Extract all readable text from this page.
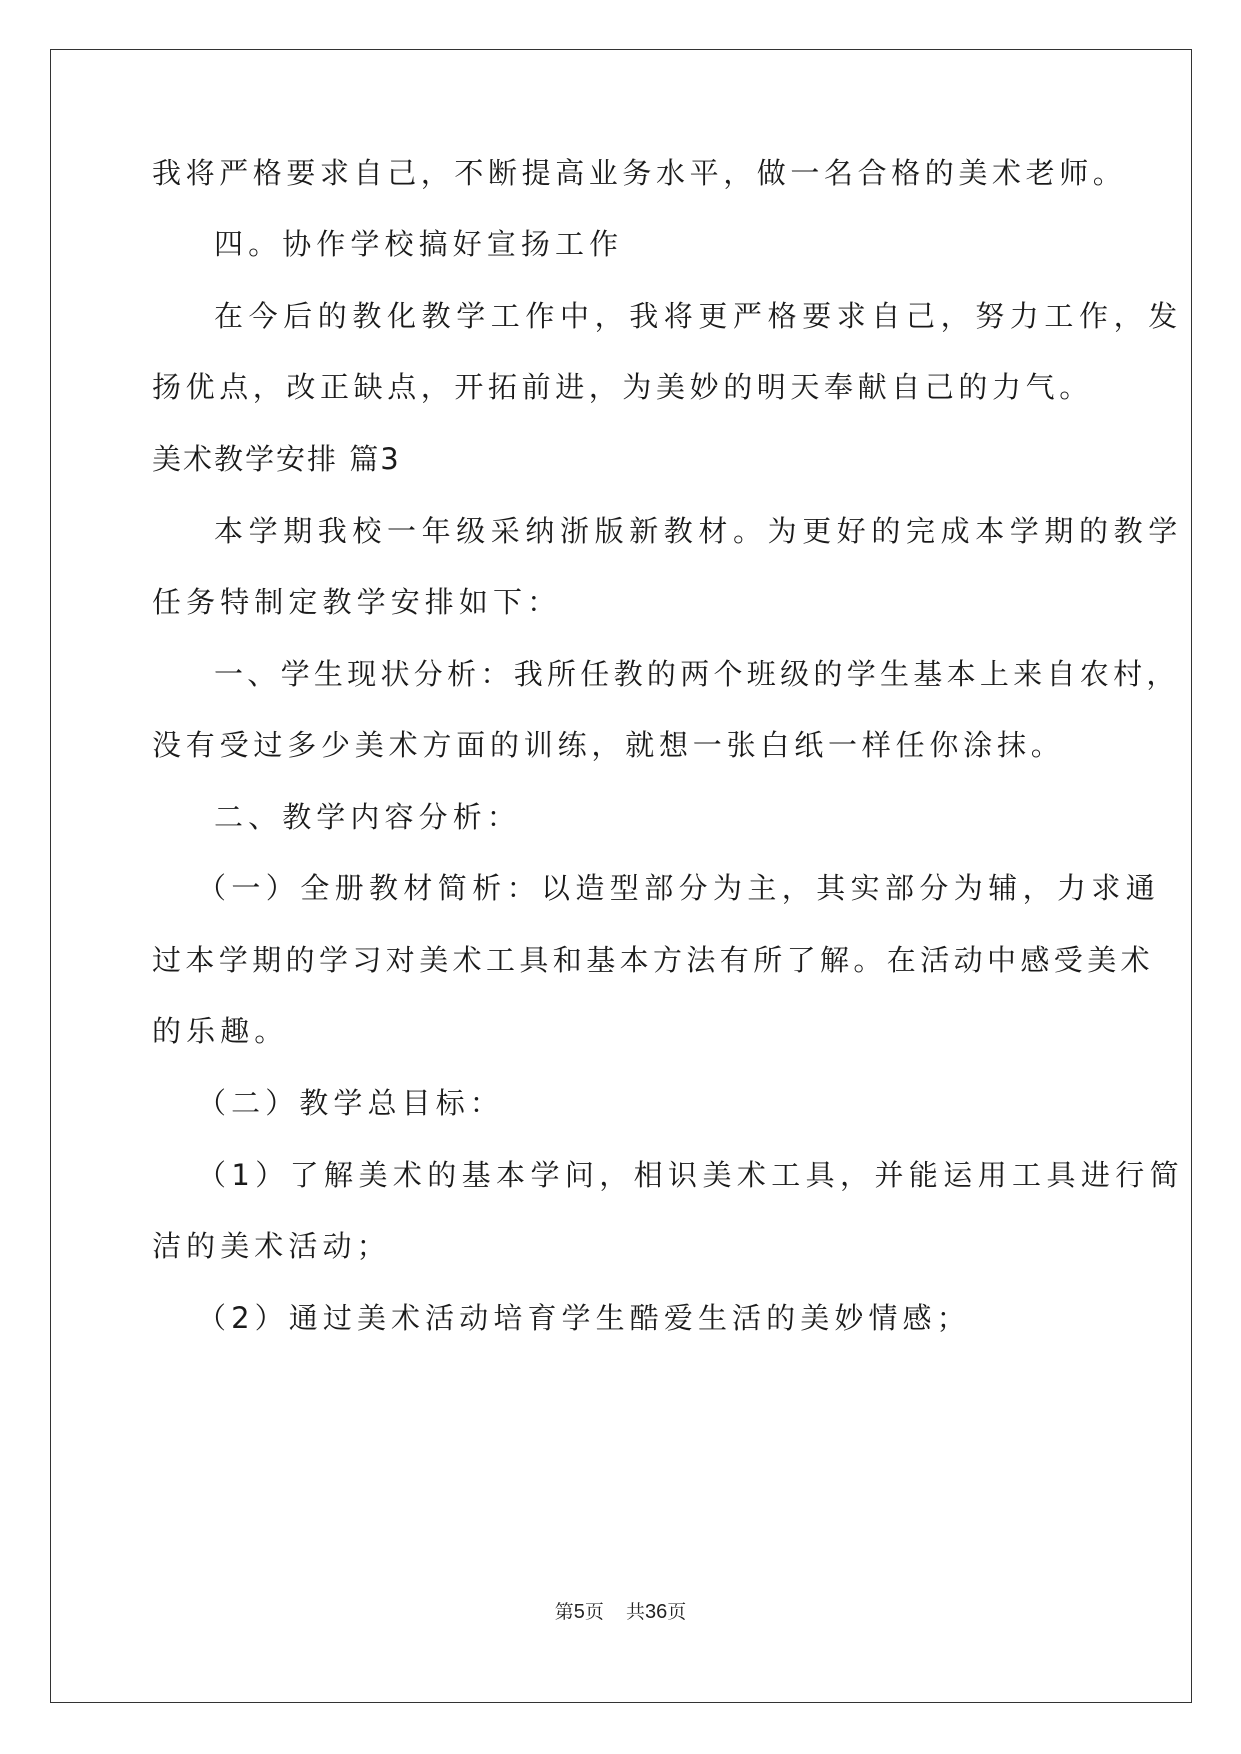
我将严格要求自己，不断提高业务水平，做一名合格的美术老师。
四。协作学校搞好宣扬工作
在今后的教化教学工作中，我将更严格要求自己，努力工作，发
扬优点，改正缺点，开拓前进，为美妙的明天奉献自己的力气。
美术教学安排 篇3
本学期我校一年级采纳浙版新教材。为更好的完成本学期的教学
任务特制定教学安排如下：
一、学生现状分析：我所任教的两个班级的学生基本上来自农村，
没有受过多少美术方面的训练，就想一张白纸一样任你涂抹。
二、教学内容分析：
（一）全册教材简析：以造型部分为主，其实部分为辅，力求通
过本学期的学习对美术工具和基本方法有所了解。在活动中感受美术
的乐趣。
（二）教学总目标：
（1）了解美术的基本学问，相识美术工具，并能运用工具进行简
洁的美术活动；
（2）通过美术活动培育学生酷爱生活的美妙情感；
第5页 共36页
